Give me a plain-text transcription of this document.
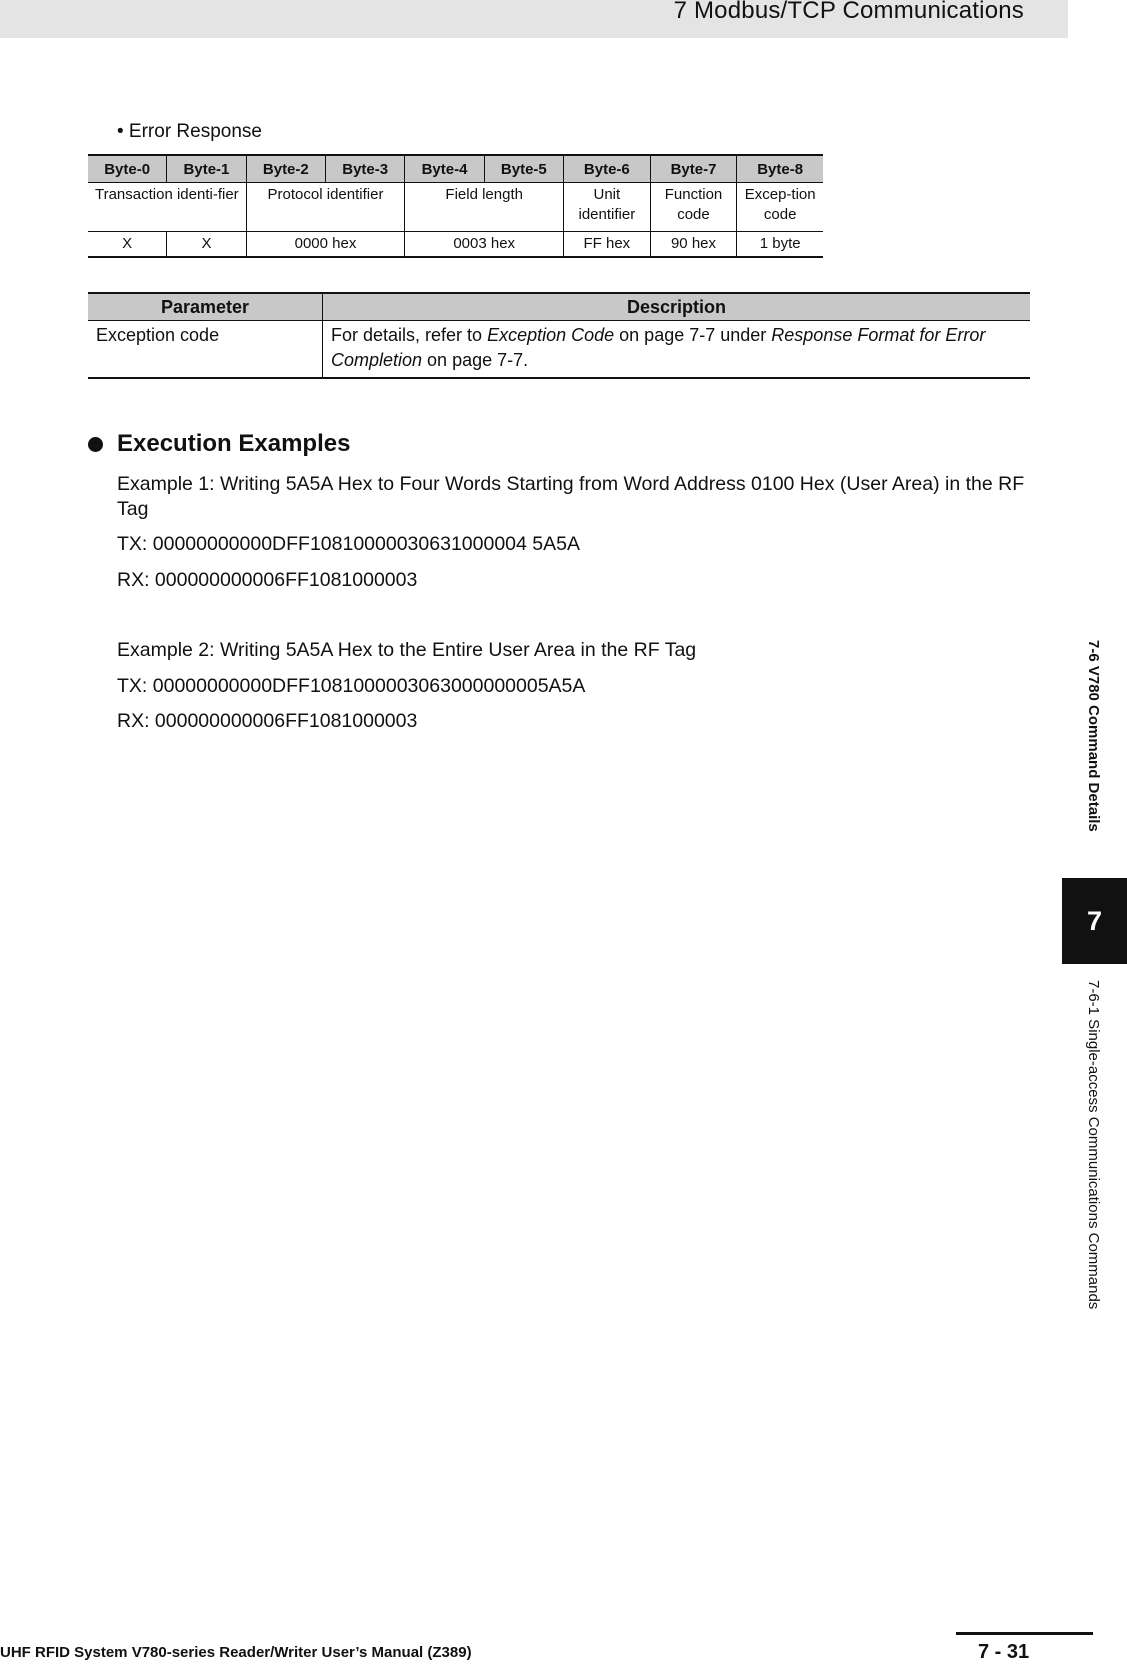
7 Modbus/TCP Communications
• Error Response
Byte-0	Byte-1	Byte-2	Byte-3	Byte-4	Byte-5	Byte-6	Byte-7	Byte-8
Transaction identi-fier		Protocol identifier		Field length		Unit identifier	Function code	Excep-tion code
X	X	0000 hex		0003 hex		FF hex	90 hex	1 byte
Parameter	Description
Exception code	For details, refer to Exception Code on page 7-7 under Response Format for Error Completion on page 7-7.
Execution Examples
Example 1: Writing 5A5A Hex to Four Words Starting from Word Address 0100 Hex (User Area) in the RF Tag
TX: 00000000000DFF10810000030631000004 5A5A
RX: 000000000006FF1081000003
Example 2: Writing 5A5A Hex to the Entire User Area in the RF Tag
TX: 00000000000DFF1081000003063000000005A5A
RX: 000000000006FF1081000003	7-6 V780 Command Details
7
7-6-1 Single-access Communications Commands
UHF RFID System V780-series Reader/Writer User’s Manual (Z389)	7 - 31
